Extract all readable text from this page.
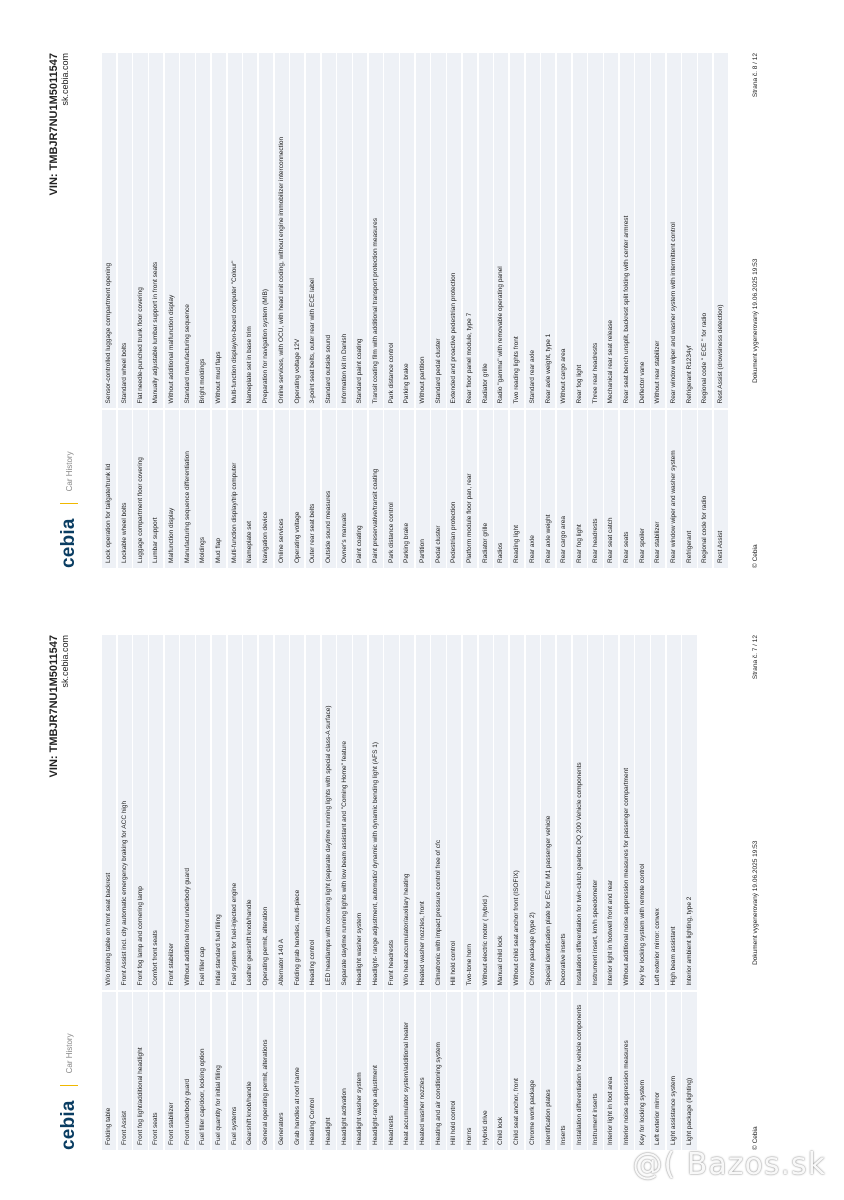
cebia
Car History
VIN: TMBJR7NU1M5011547 sk.cebia.com
Folding table
W/o folding table on front seat backrest
Front Assist
Front Assist incl. city automatic emergency braking for ACC high
Front fog light/additional headlight
Front fog lamp and cornering lamp
Front seats
Comfort front seats
Front stabilizer
Front stabilizer
Front underbody guard
Without additional front underbody guard
Fuel filler cap/door, locking option
Fuel filler cap
Fuel quantity for initial filling
Initial standard fuel filling
Fuel systems
Fuel system for fuel-injected engine
Gearshift knob/handle
Leather gearshift knob/handle
General operating permit, alterations
Operating permit, alteration
Generators
Alternator 140 A
Grab handles at roof frame
Folding grab handles, multi-piece
Heading Control
Heading control
Headlight
LED headlamps with cornering light (separate daytime running lights with special class-A surface)
Headlight activation
Separate daytime running lights with low beam assistant and "Coming Home" feature
Headlight washer system
Headlight washer system
Headlight-range adjustment
Headlight- range adjustment, automatic/ dynamic with dynamic bending light (AFS 1)
Headrests
Front headrests
Heat accumulator system/additional heater
W/o heat accumulator/auxiliary heating
Heated washer nozzles
Heated washer nozzles, front
Heating and air conditioning system
Climatronic with impact pressure control free of cfc
Hill hold control
Hill hold control
Horns
Two-tone horn
Hybrid drive
Without electric motor ( hybrid )
Child lock
Manual child lock
Child seat anchor, front
Without child seat anchor front (ISOFIX)
Chrome work package
Chrome package (type 2)
Identification plates
Special identification plate for EC for M1 passenger vehicle
Inserts
Decorative inserts
Installation differentiation for vehicle components
Installation differentiation for twin-clutch gearbox DQ 200 Vehicle components
Instrument inserts
Instrument insert, km/h speedometer
Interior light in foot area
Interior light in footwell front and rear
Interior noise suppression measures
Without additional noise suppression measures for passenger compartment
Key for locking system
Key for locking system with remote control
Left exterior mirror
Left exterior mirror: convex
Light assistance system
High beam assistant
Light package (lighting)
Interior ambient lighting, type 2
© Cebia
Dokument vygenerovaný 19.06.2025 19:53
Strana č. 7 / 12
cebia
Car History
VIN: TMBJR7NU1M5011547 sk.cebia.com
Lock operation for tailgate/trunk lid
Sensor-controlled luggage compartment opening
Lockable wheel bolts
Standard wheel bolts
Luggage compartment floor covering
Flat needle-punched trunk floor covering
Lumbar support
Manually adjustable lumbar support in front seats
Malfunction display
Without additional malfunction display
Manufacturing sequence differentiation
Standard manufacturing sequence
Moldings
Bright moldings
Mud flap
Without mud flaps
Multi-function display/trip computer
Multi-function display/on-board computer "Colour"
Nameplate set
Nameplate set in base trim
Navigation device
Preparation for navigation system (MIB)
Online services
Online services, with OCU, with head unit coding, without engine immobilizer interconnection
Operating voltage
Operating voltage 12V
Outer rear seat belts
3-point seat belts, outer rear with ECE label
Outside sound measures
Standard outside sound
Owner's manuals
Information kit in Danish
Paint coating
Standard paint coating
Paint preservative/transit coating
Transit coating film with additional transport protection measures
Park distance control
Park distance control
Parking brake
Parking brake
Partition
Without partition
Pedal cluster
Standard pedal cluster
Pedestrian protection
Extended and proactive pedestrian protection
Platform module floor pan, rear
Rear floor panel module, type 7
Radiator grille
Radiator grille
Radios
Radio "gamma" with removable operating panel
Reading light
Two reading lights front
Rear axle
Standard rear axle
Rear axle weight
Rear axle weight, type 1
Rear cargo area
Without cargo area
Rear fog light
Rear fog light
Rear headrests
Three rear headrests
Rear seat catch
Mechanical rear seat release
Rear seats
Rear seat bench unsplit, backrest split folding with center armrest
Rear spoiler
Deflector vane
Rear stabilizer
Without rear stabilizer
Rear window wiper and washer system
Rear window wiper and washer system with intermittent control
Refrigerant
Refrigerant R1234yf
Regional code for radio
Regional code " ECE " for radio
Rest Assist
Rest Assist (drowsiness detection)
© Cebia
Dokument vygenerovaný 19.06.2025 19:53
Strana č. 8 / 12
@( Bazos.sk
